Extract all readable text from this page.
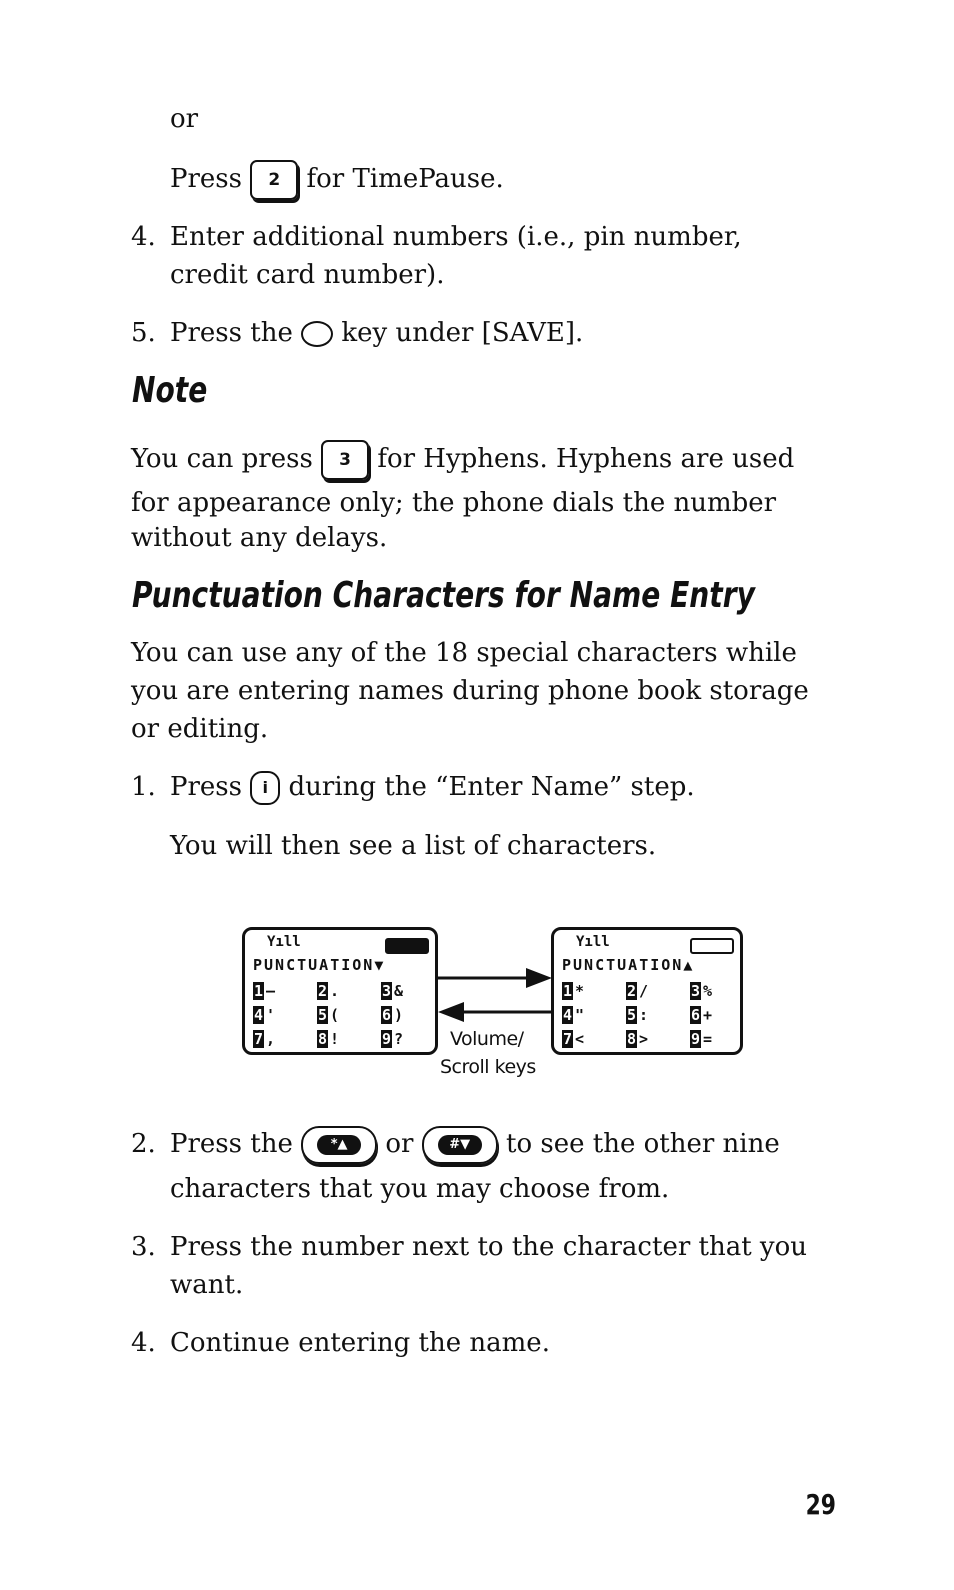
or
Press 2 for TimePause.
4. Enter additional numbers (i.e., pin number,
credit card number).
5. Press the key under [SAVE].
Note
You can press 3 for Hyphens. Hyphens are used
for appearance only; the phone dials the number
without any delays.
Punctuation Characters for Name Entry
You can use any of the 18 special characters while
you are entering names during phone book storage
or editing.
1. Press i during the “Enter Name” step.
You will then see a list of characters.
Yıll
PUNCTUATION▼
1 –	2 .	3 &
4 '	5 (	6 )
7 ,	8 !	9 ?
Yıll
PUNCTUATION▲
1 *	2 /	3 %
4 "	5 :	6 +
7 <	8 >	9 =
Volume/
Scroll keys
2. Press the	*▲	or	#▼	to see the other nine
characters that you may choose from.
3. Press the number next to the character that you
want.
4. Continue entering the name.
29
